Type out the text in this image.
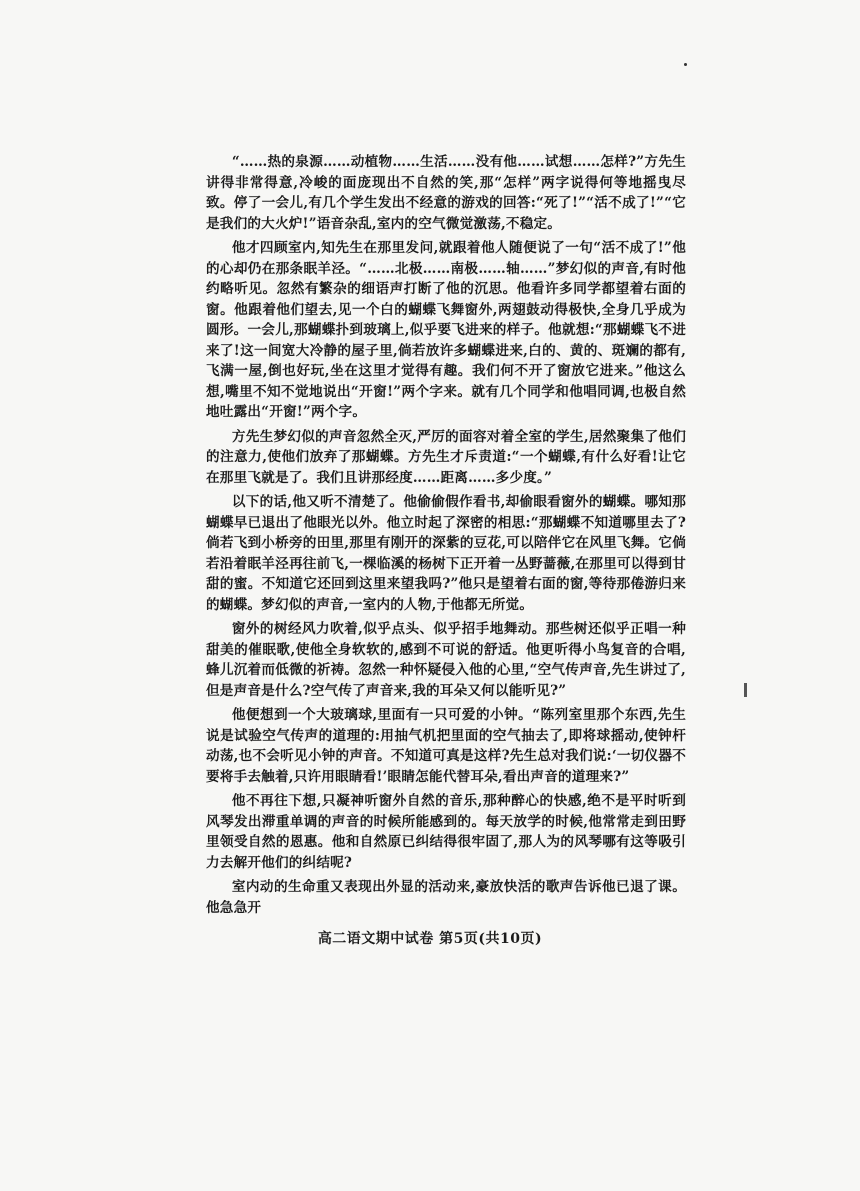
“……热的泉源……动植物……生活……没有他……试想……怎样?”方先生讲得非常得意,冷峻的面庞现出不自然的笑,那“怎样”两字说得何等地摇曳尽致。停了一会儿,有几个学生发出不经意的游戏的回答:“死了!”“活不成了!”“它是我们的大火炉!”语音杂乱,室内的空气微觉激荡,不稳定。

他才四顾室内,知先生在那里发问,就跟着他人随便说了一句“活不成了!”他的心却仍在那条眠羊泾。“……北极……南极……轴……”梦幻似的声音,有时他约略听见。忽然有繁杂的细语声打断了他的沉思。他看许多同学都望着右面的窗。他跟着他们望去,见一个白的蝴蝶飞舞窗外,两翅鼓动得极快,全身几乎成为圆形。一会儿,那蝴蝶扑到玻璃上,似乎要飞进来的样子。他就想:“那蝴蝶飞不进来了!这一间宽大冷静的屋子里,倘若放许多蝴蝶进来,白的、黄的、斑斓的都有,飞满一屋,倒也好玩,坐在这里才觉得有趣。我们何不开了窗放它进来。”他这么想,嘴里不知不觉地说出“开窗!”两个字来。就有几个同学和他唱同调,也极自然地吐露出“开窗!”两个字。

方先生梦幻似的声音忽然全灭,严厉的面容对着全室的学生,居然聚集了他们的注意力,使他们放弃了那蝴蝶。方先生才斥责道:“一个蝴蝶,有什么好看!让它在那里飞就是了。我们且讲那经度……距离……多少度。”

以下的话,他又听不清楚了。他偷偷假作看书,却偷眼看窗外的蝴蝶。哪知那蝴蝶早已退出了他眼光以外。他立时起了深密的相思:“那蝴蝶不知道哪里去了?倘若飞到小桥旁的田里,那里有刚开的深紫的豆花,可以陪伴它在风里飞舞。它倘若沿着眠羊泾再往前飞,一棵临溪的杨树下正开着一丛野蔷薇,在那里可以得到甘甜的蜜。不知道它还回到这里来望我吗?”他只是望着右面的窗,等待那倦游归来的蝴蝶。梦幻似的声音,一室内的人物,于他都无所觉。

窗外的树经风力吹着,似乎点头、似乎招手地舞动。那些树还似乎正唱一种甜美的催眠歌,使他全身软软的,感到不可说的舒适。他更听得小鸟复音的合唱,蜂儿沉着而低微的祈祷。忽然一种怀疑侵入他的心里,“空气传声音,先生讲过了,但是声音是什么?空气传了声音来,我的耳朵又何以能听见?”

他便想到一个大玻璃球,里面有一只可爱的小钟。“陈列室里那个东西,先生说是试验空气传声的道理的:用抽气机把里面的空气抽去了,即将球摇动,使钟杆动荡,也不会听见小钟的声音。不知道可真是这样?先生总对我们说:‘一切仪器不要将手去触着,只许用眼睛看!’眼睛怎能代替耳朵,看出声音的道理来?”

他不再往下想,只凝神听窗外自然的音乐,那种醉心的快感,绝不是平时听到风琴发出滞重单调的声音的时候所能感到的。每天放学的时候,他常常走到田野里领受自然的恩惠。他和自然原已纠结得很牢固了,那人为的风琴哪有这等吸引力去解开他们的纠结呢?

室内动的生命重又表现出外显的活动来,豪放快活的歌声告诉他已退了课。他急急开

高二语文期中试卷 第5页(共10页)
